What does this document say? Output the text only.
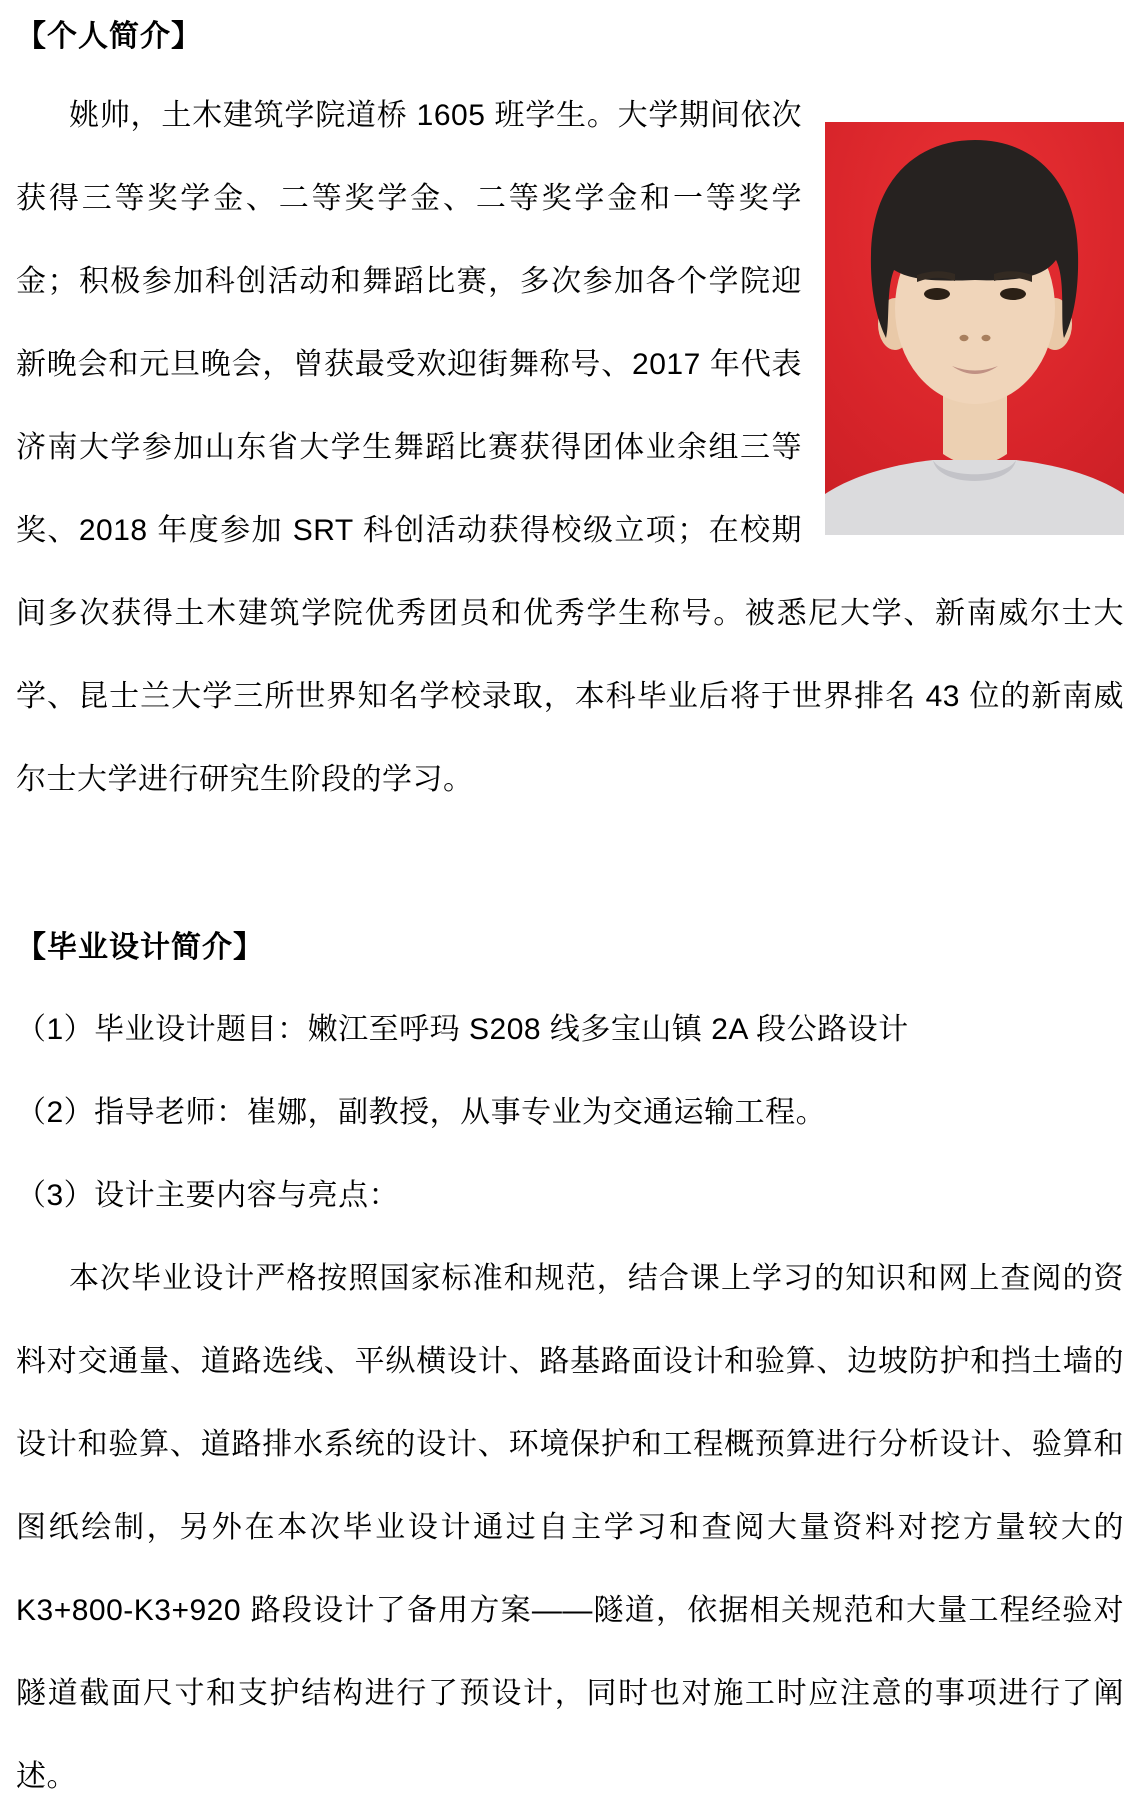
【个人简介】

姚帅，土木建筑学院道桥 1605 班学生。大学期间依次获得三等奖学金、二等奖学金、二等奖学金和一等奖学金；积极参加科创活动和舞蹈比赛，多次参加各个学院迎新晚会和元旦晚会，曾获最受欢迎街舞称号、2017 年代表济南大学参加山东省大学生舞蹈比赛获得团体业余组三等奖、2018 年度参加 SRT 科创活动获得校级立项；在校期间多次获得土木建筑学院优秀团员和优秀学生称号。被悉尼大学、新南威尔士大学、昆士兰大学三所世界知名学校录取，本科毕业后将于世界排名 43 位的新南威尔士大学进行研究生阶段的学习。

【毕业设计简介】

（1）毕业设计题目：嫩江至呼玛 S208 线多宝山镇 2A 段公路设计

（2）指导老师：崔娜，副教授，从事专业为交通运输工程。

（3）设计主要内容与亮点：

本次毕业设计严格按照国家标准和规范，结合课上学习的知识和网上查阅的资料对交通量、道路选线、平纵横设计、路基路面设计和验算、边坡防护和挡土墙的设计和验算、道路排水系统的设计、环境保护和工程概预算进行分析设计、验算和图纸绘制，另外在本次毕业设计通过自主学习和查阅大量资料对挖方量较大的 K3+800-K3+920 路段设计了备用方案——隧道，依据相关规范和大量工程经验对隧道截面尺寸和支护结构进行了预设计，同时也对施工时应注意的事项进行了阐述。
